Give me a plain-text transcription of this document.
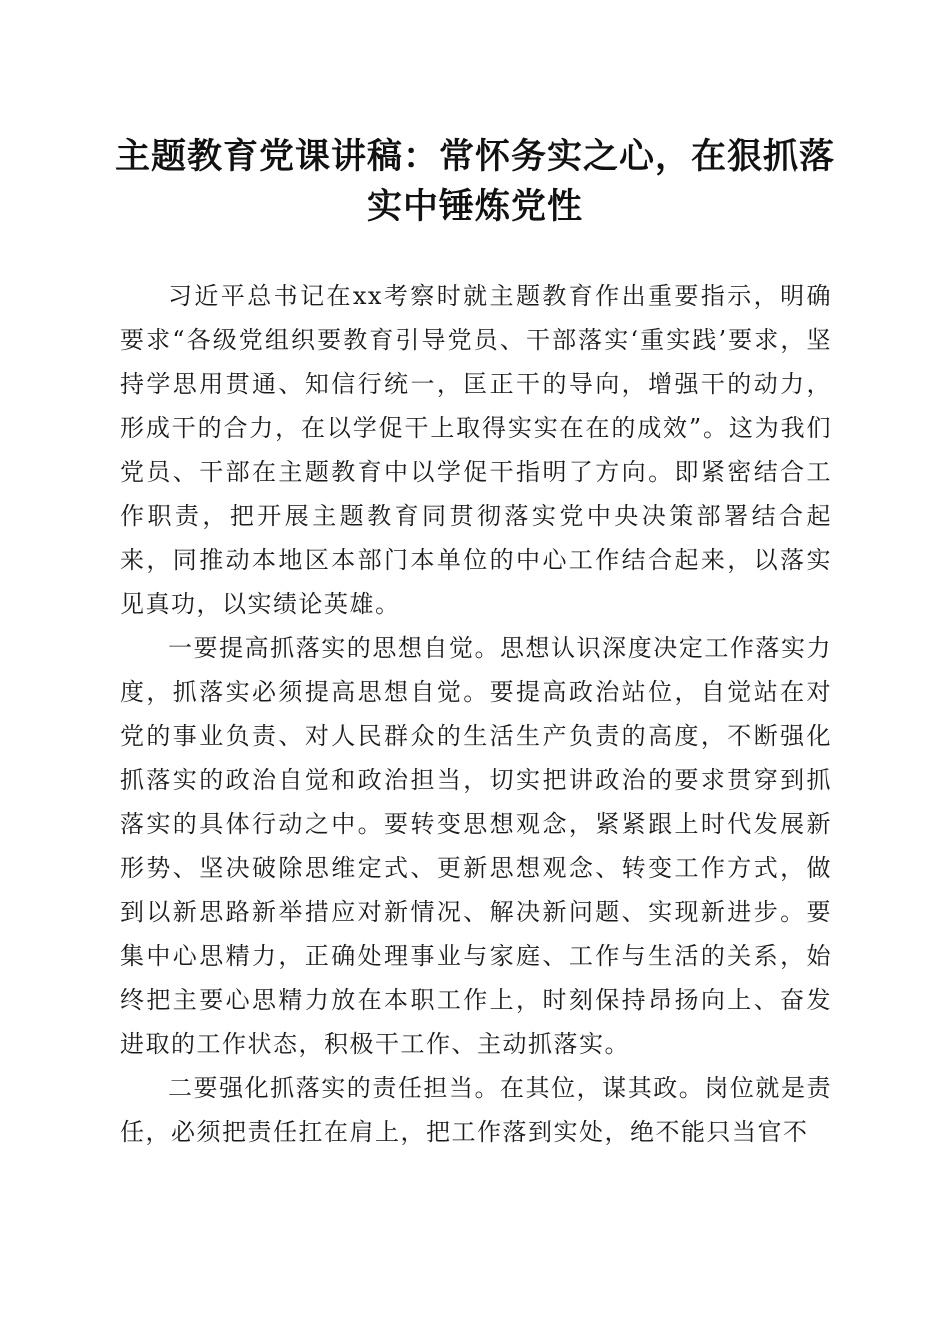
主题教育党课讲稿：常怀务实之心，在狠抓落实中锤炼党性

习近平总书记在xx考察时就主题教育作出重要指示，明确要求“各级党组织要教育引导党员、干部落实‘重实践’要求，坚持学思用贯通、知信行统一，匡正干的导向，增强干的动力，形成干的合力，在以学促干上取得实实在在的成效”。这为我们党员、干部在主题教育中以学促干指明了方向。即紧密结合工作职责，把开展主题教育同贯彻落实党中央决策部署结合起来，同推动本地区本部门本单位的中心工作结合起来，以落实见真功，以实绩论英雄。

一要提高抓落实的思想自觉。思想认识深度决定工作落实力度，抓落实必须提高思想自觉。要提高政治站位，自觉站在对党的事业负责、对人民群众的生活生产负责的高度，不断强化抓落实的政治自觉和政治担当，切实把讲政治的要求贯穿到抓落实的具体行动之中。要转变思想观念，紧紧跟上时代发展新形势、坚决破除思维定式、更新思想观念、转变工作方式，做到以新思路新举措应对新情况、解决新问题、实现新进步。要集中心思精力，正确处理事业与家庭、工作与生活的关系，始终把主要心思精力放在本职工作上，时刻保持昂扬向上、奋发进取的工作状态，积极干工作、主动抓落实。

二要强化抓落实的责任担当。在其位，谋其政。岗位就是责任，必须把责任扛在肩上，把工作落到实处，绝不能只当官不
